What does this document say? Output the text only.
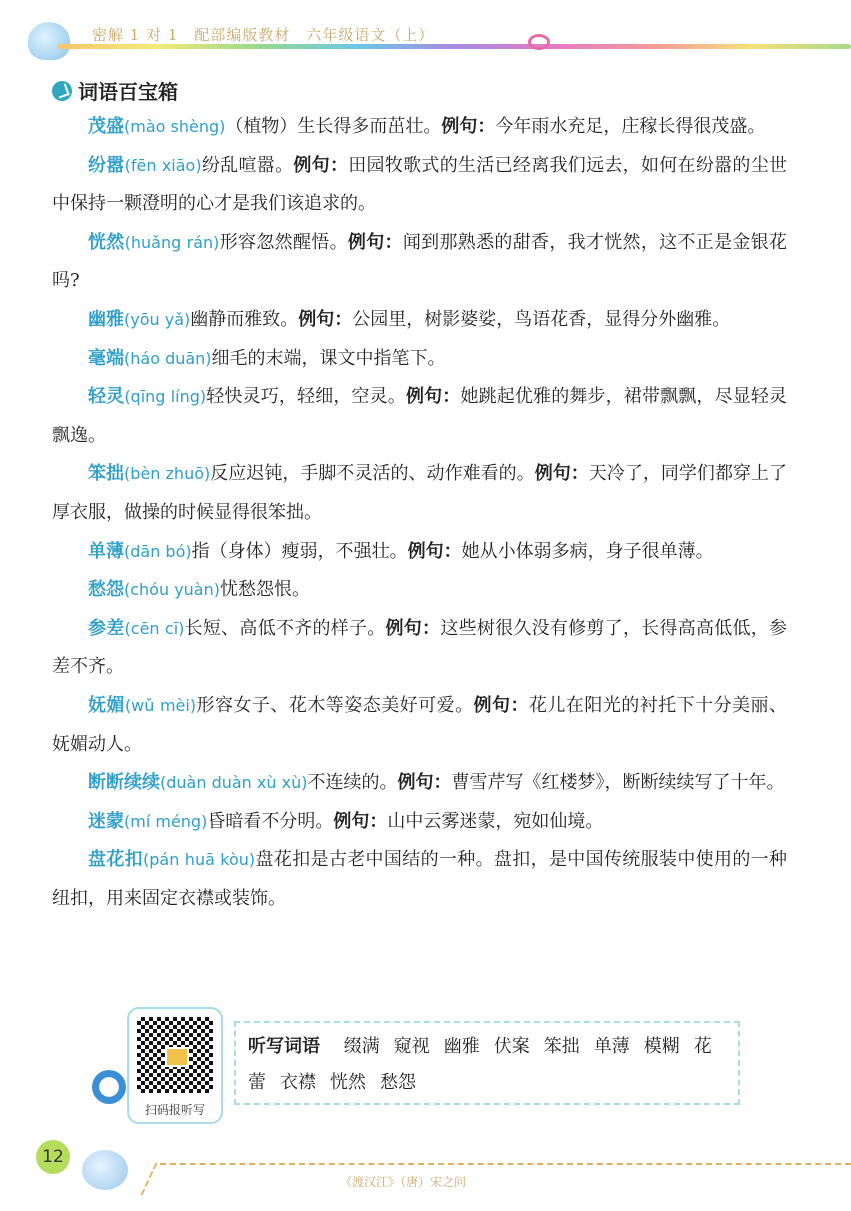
密解 1 对 1　配部编版教材　六年级语文（上）
词语百宝箱

茂盛(mào shèng)（植物）生长得多而茁壮。例句：今年雨水充足，庄稼长得很茂盛。

纷嚣(fēn xiāo)纷乱喧嚣。例句：田园牧歌式的生活已经离我们远去，如何在纷嚣的尘世中保持一颗澄明的心才是我们该追求的。

恍然(huǎng rán)形容忽然醒悟。例句：闻到那熟悉的甜香，我才恍然，这不正是金银花吗?

幽雅(yōu yǎ)幽静而雅致。例句：公园里，树影婆娑，鸟语花香，显得分外幽雅。

毫端(háo duān)细毛的末端，课文中指笔下。

轻灵(qīng líng)轻快灵巧，轻细，空灵。例句：她跳起优雅的舞步，裙带飘飘，尽显轻灵飘逸。

笨拙(bèn zhuō)反应迟钝，手脚不灵活的、动作难看的。例句：天冷了，同学们都穿上了厚衣服，做操的时候显得很笨拙。

单薄(dān bó)指（身体）瘦弱，不强壮。例句：她从小体弱多病，身子很单薄。

愁怨(chóu yuàn)忧愁怨恨。

参差(cēn cī)长短、高低不齐的样子。例句：这些树很久没有修剪了，长得高高低低，参差不齐。

妩媚(wǔ mèi)形容女子、花木等姿态美好可爱。例句：花儿在阳光的衬托下十分美丽、妩媚动人。

断断续续(duàn duàn xù xù)不连续的。例句：曹雪芹写《红楼梦》，断断续续写了十年。

迷蒙(mí méng)昏暗看不分明。例句：山中云雾迷蒙，宛如仙境。

盘花扣(pán huā kòu)盘花扣是古老中国结的一种。盘扣，是中国传统服装中使用的一种纽扣，用来固定衣襟或装饰。

扫码报听写
听写词语 缀满 窥视 幽雅 伏案 笨拙 单薄 模糊 花蕾 衣襟 恍然 愁怨
12
《渡汉江》（唐）宋之问
